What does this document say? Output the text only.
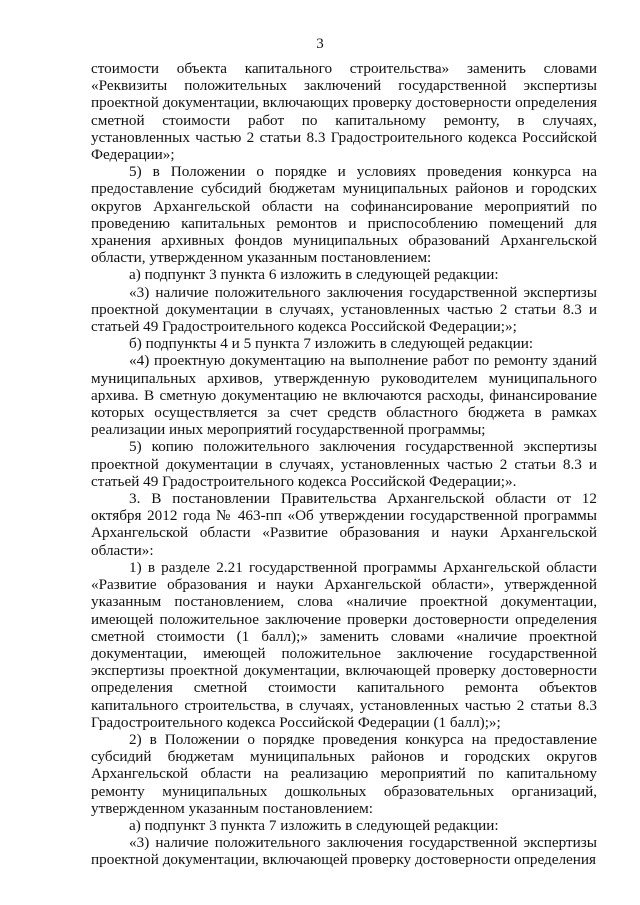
3

стоимости объекта капитального строительства» заменить словами «Реквизиты положительных заключений государственной экспертизы проектной документации, включающих проверку достоверности определения сметной стоимости работ по капитальному ремонту, в случаях, установленных частью 2 статьи 8.3 Градостроительного кодекса Российской Федерации»;

5) в Положении о порядке и условиях проведения конкурса на предоставление субсидий бюджетам муниципальных районов и городских округов Архангельской области на софинансирование мероприятий по проведению капитальных ремонтов и приспособлению помещений для хранения архивных фондов муниципальных образований Архангельской области, утвержденном указанным постановлением:

а) подпункт 3 пункта 6 изложить в следующей редакции:

«3) наличие положительного заключения государственной экспертизы проектной документации в случаях, установленных частью 2 статьи 8.3 и статьей 49 Градостроительного кодекса Российской Федерации;»;

б) подпункты 4 и 5 пункта 7 изложить в следующей редакции:

«4) проектную документацию на выполнение работ по ремонту зданий муниципальных архивов, утвержденную руководителем муниципального архива. В сметную документацию не включаются расходы, финансирование которых осуществляется за счет средств областного бюджета в рамках реализации иных мероприятий государственной программы;

5) копию положительного заключения государственной экспертизы проектной документации в случаях, установленных частью 2 статьи 8.3 и статьей 49 Градостроительного кодекса Российской Федерации;».

3. В постановлении Правительства Архангельской области от 12 октября 2012 года № 463-пп «Об утверждении государственной программы Архангельской области «Развитие образования и науки Архангельской области»:

1) в разделе 2.21 государственной программы Архангельской области «Развитие образования и науки Архангельской области», утвержденной указанным постановлением, слова «наличие проектной документации, имеющей положительное заключение проверки достоверности определения сметной стоимости (1 балл);» заменить словами «наличие проектной документации, имеющей положительное заключение государственной экспертизы проектной документации, включающей проверку достоверности определения сметной стоимости капитального ремонта объектов капитального строительства, в случаях, установленных частью 2 статьи 8.3 Градостроительного кодекса Российской Федерации (1 балл);»;

2) в Положении о порядке проведения конкурса на предоставление субсидий бюджетам муниципальных районов и городских округов Архангельской области на реализацию мероприятий по капитальному ремонту муниципальных дошкольных образовательных организаций, утвержденном указанным постановлением:

а) подпункт 3 пункта 7 изложить в следующей редакции:

«3) наличие положительного заключения государственной экспертизы проектной документации, включающей проверку достоверности определения
